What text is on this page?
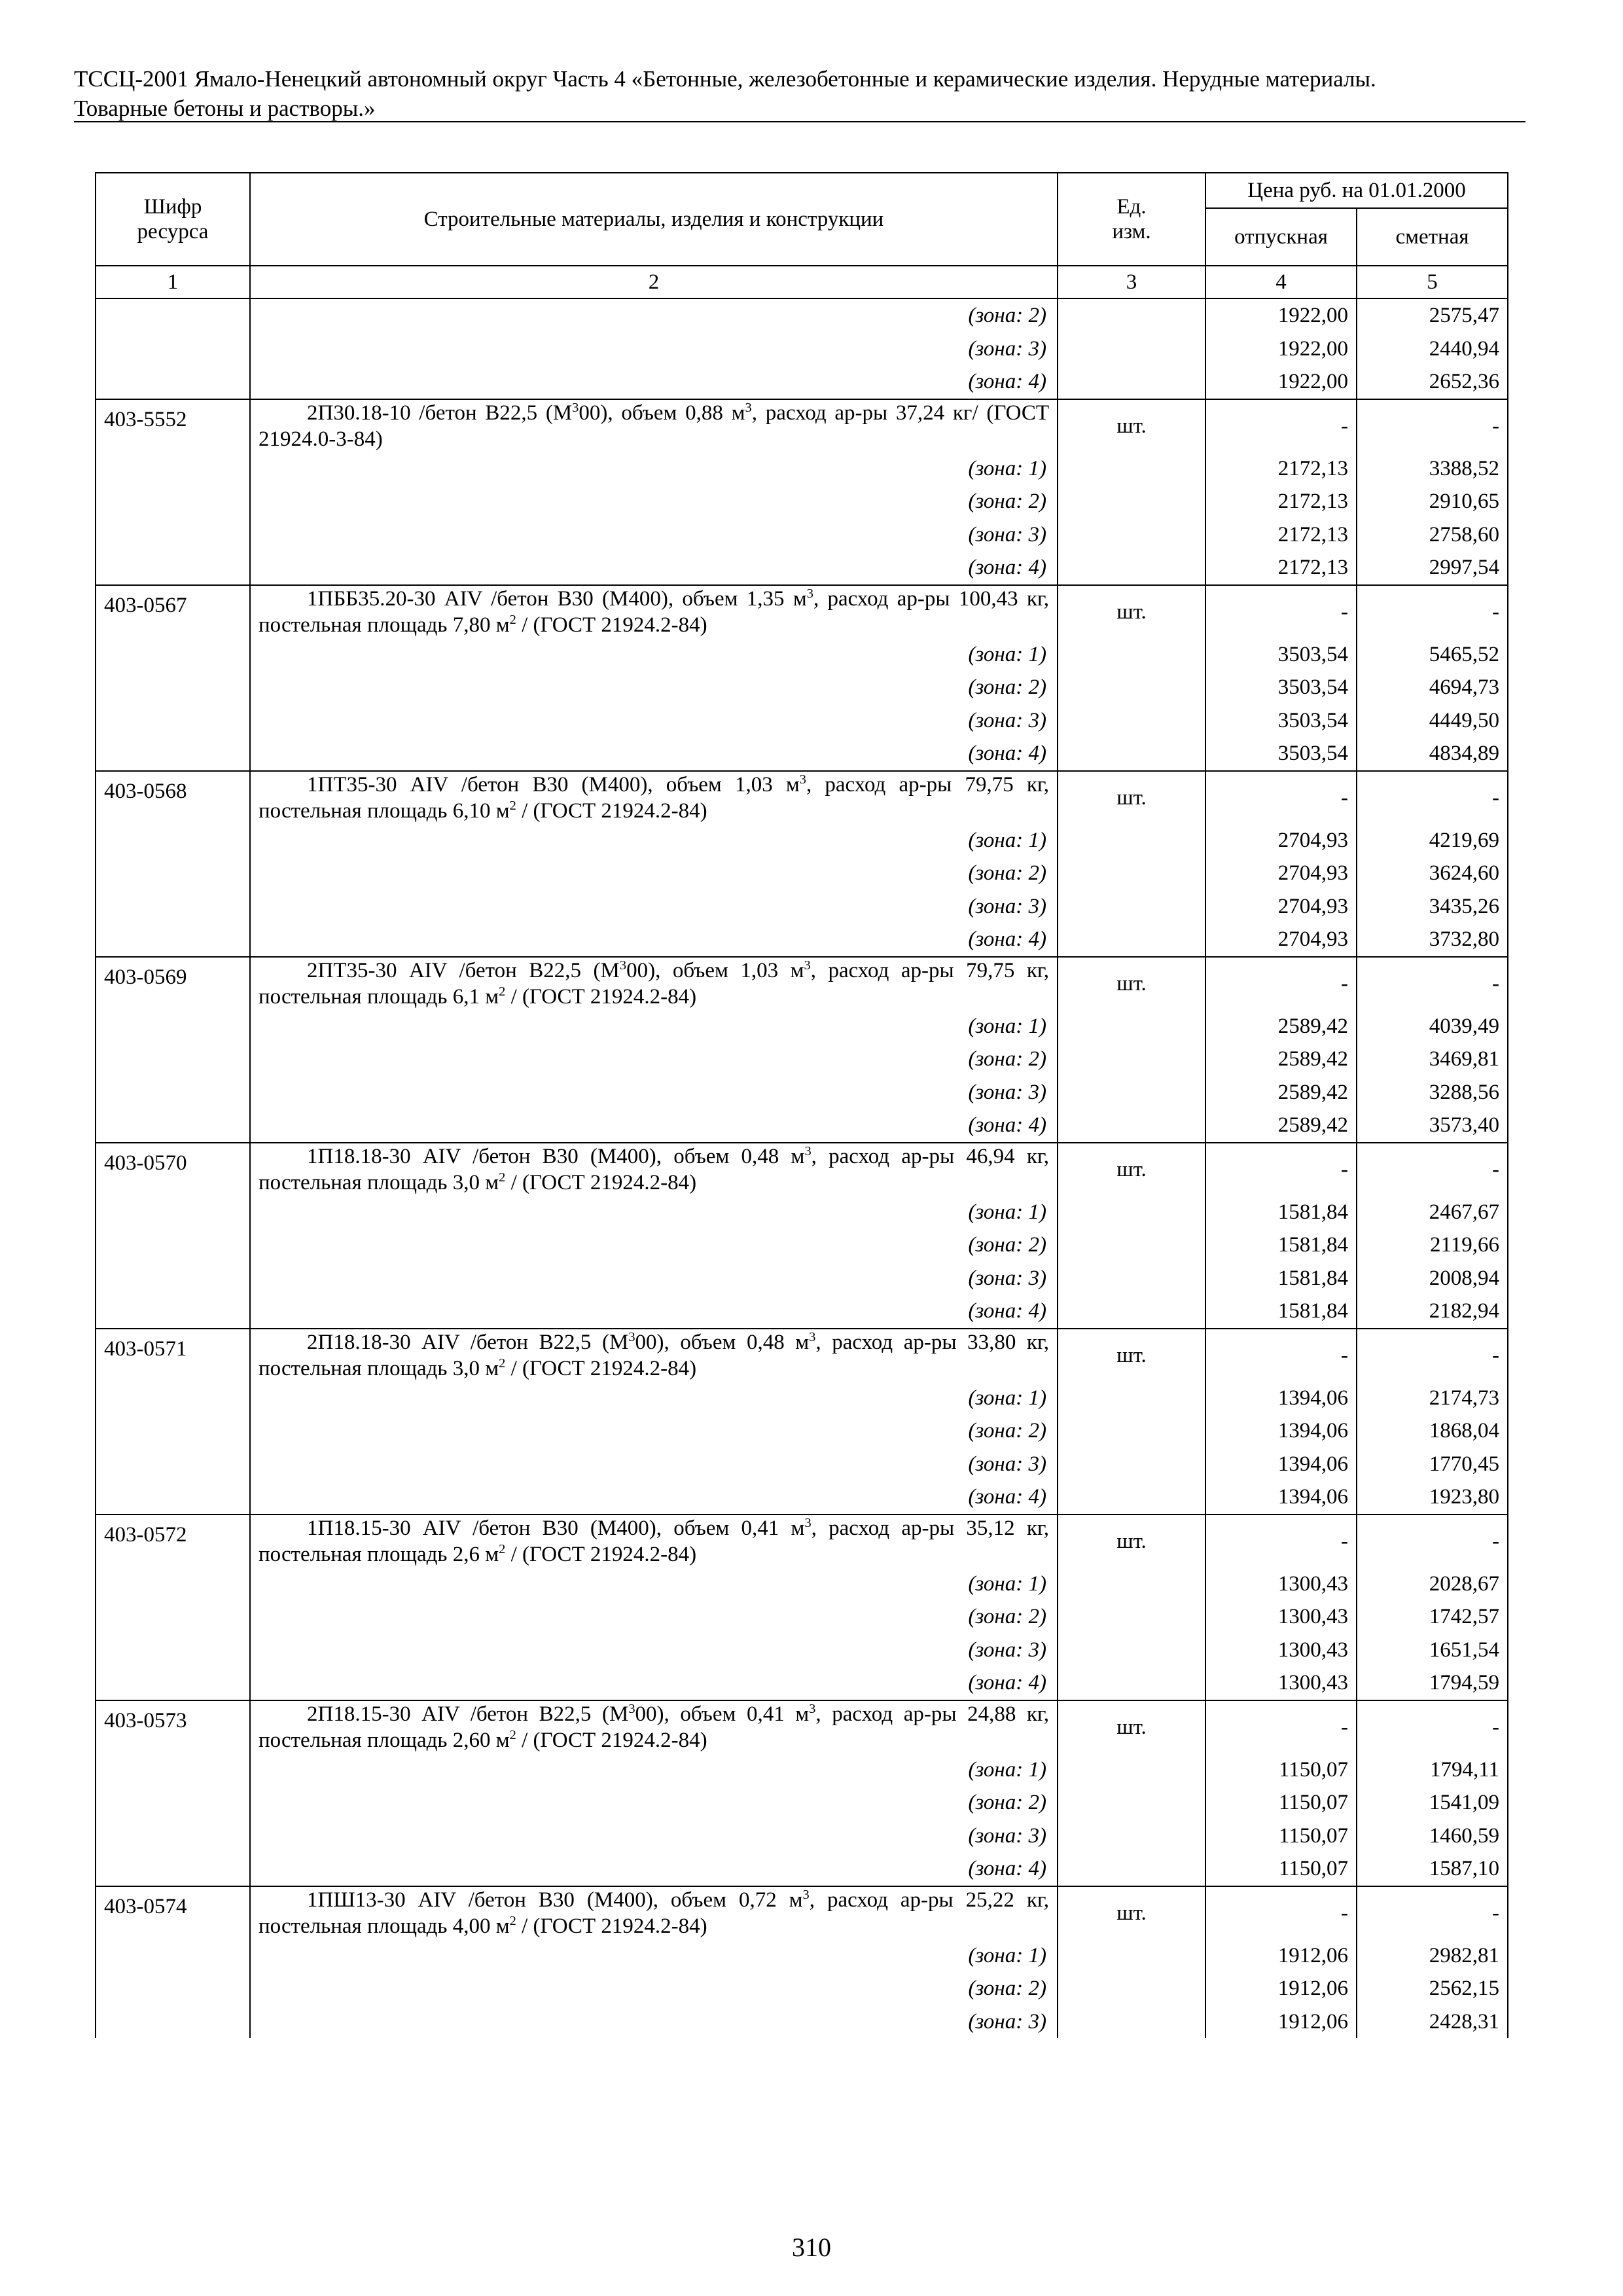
ТССЦ-2001 Ямало-Ненецкий автономный округ Часть 4 «Бетонные, железобетонные и керамические изделия. Нерудные материалы.
Товарные бетоны и растворы.»
Шифр ресурса	Строительные материалы, изделия и конструкции	Ед. изм.	Цена руб. на 01.01.2000	
			отпускная	сметная
1	2	3	4	5
	(зона: 2)		1922,00	2575,47
	(зона: 3)		1922,00	2440,94
	(зона: 4)		1922,00	2652,36
403-5552	2П30.18-10 /бетон В22,5 $(М^300)$, объем 0,88 $м^3$, расход ар-ры 37,24 кг/ (ГОСТ 21924.0-3-84)	шт.	-	-
	(зона: 1)		2172,13	3388,52
	(зона: 2)		2172,13	2910,65
	(зона: 3)		2172,13	2758,60
	(зона: 4)		2172,13	2997,54
403-0567	1ПББ35.20-30 AIV /бетон В30 (М400), объем 1,35 $м^3$, расход ар-ры 100,43 кг, постельная площадь 7,80 $м^2$ / (ГОСТ 21924.2-84)	шт.	-	-
	(зона: 1)		3503,54	5465,52
	(зона: 2)		3503,54	4694,73
	(зона: 3)		3503,54	4449,50
	(зона: 4)		3503,54	4834,89
403-0568	1ПТ35-30 AIV /бетон В30 (М400), объем 1,03 $м^3$, расход ар-ры 79,75 кг, постельная площадь 6,10 $м^2$ / (ГОСТ 21924.2-84)	шт.	-	-
	(зона: 1)		2704,93	4219,69
	(зона: 2)		2704,93	3624,60
	(зона: 3)		2704,93	3435,26
	(зона: 4)		2704,93	3732,80
403-0569	2ПТ35-30 AIV /бетон В22,5 $(М^300)$, объем 1,03 $м^3$, расход ар-ры 79,75 кг, постельная площадь 6,1 $м^2$ / (ГОСТ 21924.2-84)	шт.	-	-
	(зона: 1)		2589,42	4039,49
	(зона: 2)		2589,42	3469,81
	(зона: 3)		2589,42	3288,56
	(зона: 4)		2589,42	3573,40
403-0570	1П18.18-30 AIV /бетон В30 (М400), объем 0,48 $м^3$, расход ар-ры 46,94 кг, постельная площадь 3,0 $м^2$ / (ГОСТ 21924.2-84)	шт.	-	-
	(зона: 1)		1581,84	2467,67
	(зона: 2)		1581,84	2119,66
	(зона: 3)		1581,84	2008,94
	(зона: 4)		1581,84	2182,94
403-0571	2П18.18-30 AIV /бетон В22,5 $(М^300)$, объем 0,48 $м^3$, расход ар-ры 33,80 кг, постельная площадь 3,0 $м^2$ / (ГОСТ 21924.2-84)	шт.	-	-
	(зона: 1)		1394,06	2174,73
	(зона: 2)		1394,06	1868,04
	(зона: 3)		1394,06	1770,45
	(зона: 4)		1394,06	1923,80
403-0572	1П18.15-30 AIV /бетон В30 (М400), объем 0,41 $м^3$, расход ар-ры 35,12 кг, постельная площадь 2,6 $м^2$ / (ГОСТ 21924.2-84)	шт.	-	-
	(зона: 1)		1300,43	2028,67
	(зона: 2)		1300,43	1742,57
	(зона: 3)		1300,43	1651,54
	(зона: 4)		1300,43	1794,59
403-0573	2П18.15-30 AIV /бетон В22,5 $(М^300)$, объем 0,41 $м^3$, расход ар-ры 24,88 кг, постельная площадь 2,60 $м^2$ / (ГОСТ 21924.2-84)	шт.	-	-
	(зона: 1)		1150,07	1794,11
	(зона: 2)		1150,07	1541,09
	(зона: 3)		1150,07	1460,59
	(зона: 4)		1150,07	1587,10
403-0574	1ПШ13-30 AIV /бетон В30 (М400), объем 0,72 $м^3$, расход ар-ры 25,22 кг, постельная площадь 4,00 $м^2$ / (ГОСТ 21924.2-84)	шт.	-	-
	(зона: 1)		1912,06	2982,81
	(зона: 2)		1912,06	2562,15
	(зона: 3)		1912,06	2428,31
310
